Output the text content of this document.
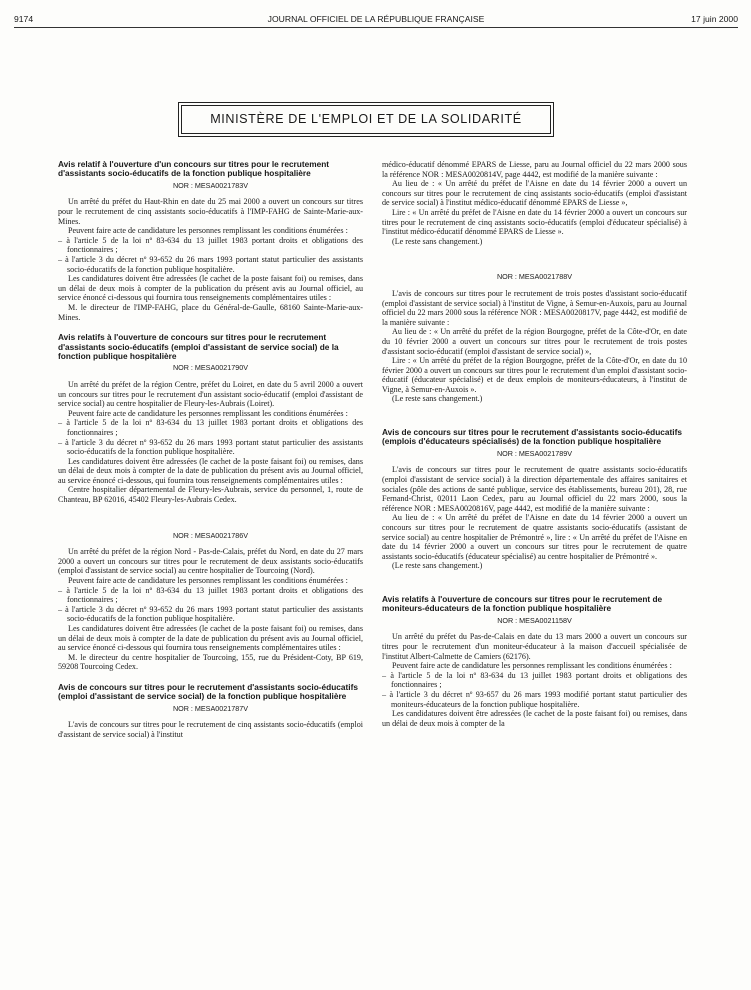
9174	JOURNAL OFFICIEL DE LA RÉPUBLIQUE FRANÇAISE	17 juin 2000
MINISTÈRE DE L'EMPLOI ET DE LA SOLIDARITÉ
Avis relatif à l'ouverture d'un concours sur titres pour le recrutement d'assistants socio-éducatifs de la fonction publique hospitalière
NOR : MESA0021783V

Un arrêté du préfet du Haut-Rhin en date du 25 mai 2000 a ouvert un concours sur titres pour le recrutement de cinq assistants socio-éducatifs à l'IMP-FAHG de Sainte-Marie-aux-Mines.

Peuvent faire acte de candidature les personnes remplissant les conditions énumérées :

– à l'article 5 de la loi nº 83-634 du 13 juillet 1983 portant droits et obligations des fonctionnaires ;
– à l'article 3 du décret nº 93-652 du 26 mars 1993 portant statut particulier des assistants socio-éducatifs de la fonction publique hospitalière.

Les candidatures doivent être adressées (le cachet de la poste faisant foi) ou remises, dans un délai de deux mois à compter de la publication du présent avis au Journal officiel, au service énoncé ci-dessous qui fournira tous renseignements complémentaires utiles :

M. le directeur de l'IMP-FAHG, place du Général-de-Gaulle, 68160 Sainte-Marie-aux-Mines.

Avis relatifs à l'ouverture de concours sur titres pour le recrutement d'assistants socio-éducatifs (emploi d'assistant de service social) de la fonction publique hospitalière
NOR : MESA0021790V

Un arrêté du préfet de la région Centre, préfet du Loiret, en date du 5 avril 2000 a ouvert un concours sur titres pour le recrutement d'un assistant socio-éducatif (emploi d'assistant de service social) au centre hospitalier de Fleury-les-Aubrais (Loiret).

Peuvent faire acte de candidature les personnes remplissant les conditions énumérées :

– à l'article 5 de la loi nº 83-634 du 13 juillet 1983 portant droits et obligations des fonctionnaires ;
– à l'article 3 du décret nº 93-652 du 26 mars 1993 portant statut particulier des assistants socio-éducatifs de la fonction publique hospitalière.

Les candidatures doivent être adressées (le cachet de la poste faisant foi) ou remises, dans un délai de deux mois à compter de la date de publication du présent avis au Journal officiel, au service énoncé ci-dessous, qui fournira tous renseignements complémentaires utiles :

Centre hospitalier départemental de Fleury-les-Aubrais, service du personnel, 1, route de Chanteau, BP 62016, 45402 Fleury-les-Aubrais Cedex.

NOR : MESA0021786V

Un arrêté du préfet de la région Nord - Pas-de-Calais, préfet du Nord, en date du 27 mars 2000 a ouvert un concours sur titres pour le recrutement de deux assistants socio-éducatifs (emploi d'assistant de service social) au centre hospitalier de Tourcoing (Nord).

Peuvent faire acte de candidature les personnes remplissant les conditions énumérées :

– à l'article 5 de la loi nº 83-634 du 13 juillet 1983 portant droits et obligations des fonctionnaires ;
– à l'article 3 du décret nº 93-652 du 26 mars 1993 portant statut particulier des assistants socio-éducatifs de la fonction publique hospitalière.

Les candidatures doivent être adressées (le cachet de la poste faisant foi) ou remises, dans un délai de deux mois à compter de la date de publication du présent avis au Journal officiel, au service énoncé ci-dessous qui fournira tous renseignements complémentaires utiles :

M. le directeur du centre hospitalier de Tourcoing, 155, rue du Président-Coty, BP 619, 59208 Tourcoing Cedex.

Avis de concours sur titres pour le recrutement d'assistants socio-éducatifs (emploi d'assistant de service social) de la fonction publique hospitalière
NOR : MESA0021787V

L'avis de concours sur titres pour le recrutement de cinq assistants socio-éducatifs (emploi d'assistant de service social) à l'institut

médico-éducatif dénommé EPARS de Liesse, paru au Journal officiel du 22 mars 2000 sous la référence NOR : MESA0020814V, page 4442, est modifié de la manière suivante :

Au lieu de : « Un arrêté du préfet de l'Aisne en date du 14 février 2000 a ouvert un concours sur titres pour le recrutement de cinq assistants socio-éducatifs (emploi d'assistant de service social) à l'institut médico-éducatif dénommé EPARS de Liesse »,

Lire : « Un arrêté du préfet de l'Aisne en date du 14 février 2000 a ouvert un concours sur titres pour le recrutement de cinq assistants socio-éducatifs (emploi d'éducateur spécialisé) à l'institut médico-éducatif dénommé EPARS de Liesse ».

(Le reste sans changement.)

NOR : MESA0021788V

L'avis de concours sur titres pour le recrutement de trois postes d'assistant socio-éducatif (emploi d'assistant de service social) à l'institut de Vigne, à Semur-en-Auxois, paru au Journal officiel du 22 mars 2000 sous la référence NOR : MESA0020817V, page 4442, est modifié de la manière suivante :

Au lieu de : « Un arrêté du préfet de la région Bourgogne, préfet de la Côte-d'Or, en date du 10 février 2000 a ouvert un concours sur titres pour le recrutement de trois postes d'assistant socio-éducatif (emploi d'assistant de service social) »,

Lire : « Un arrêté du préfet de la région Bourgogne, préfet de la Côte-d'Or, en date du 10 février 2000 a ouvert un concours sur titres pour le recrutement d'un emploi d'assistant socio-éducatif (éducateur spécialisé) et de deux emplois de moniteurs-éducateurs, à l'institut de Vigne, à Semur-en-Auxois ».

(Le reste sans changement.)

Avis de concours sur titres pour le recrutement d'assistants socio-éducatifs (emplois d'éducateurs spécialisés) de la fonction publique hospitalière
NOR : MESA0021789V

L'avis de concours sur titres pour le recrutement de quatre assistants socio-éducatifs (emploi d'assistant de service social) à la direction départementale des affaires sanitaires et sociales (pôle des actions de santé publique, service des établissements, bureau 201), 28, rue Fernand-Christ, 02011 Laon Cedex, paru au Journal officiel du 22 mars 2000, sous la référence NOR : MESA0020816V, page 4442, est modifié de la manière suivante :

Au lieu de : « Un arrêté du préfet de l'Aisne en date du 14 février 2000 a ouvert un concours sur titres pour le recrutement de quatre assistants socio-éducatifs (assistant de service social) au centre hospitalier de Prémontré », lire : « Un arrêté du préfet de l'Aisne en date du 14 février 2000 a ouvert un concours sur titres pour le recrutement de quatre assistants socio-éducatifs (éducateur spécialisé) au centre hospitalier de Prémontré ».

(Le reste sans changement.)

Avis relatifs à l'ouverture de concours sur titres pour le recrutement de moniteurs-éducateurs de la fonction publique hospitalière
NOR : MESA0021158V

Un arrêté du préfet du Pas-de-Calais en date du 13 mars 2000 a ouvert un concours sur titres pour le recrutement d'un moniteur-éducateur à la maison d'accueil spécialisée de l'institut Albert-Calmette de Camiers (62176).

Peuvent faire acte de candidature les personnes remplissant les conditions énumérées :

– à l'article 5 de la loi nº 83-634 du 13 juillet 1983 portant droits et obligations des fonctionnaires ;
– à l'article 3 du décret nº 93-657 du 26 mars 1993 modifié portant statut particulier des moniteurs-éducateurs de la fonction publique hospitalière.

Les candidatures doivent être adressées (le cachet de la poste faisant foi) ou remises, dans un délai de deux mois à compter de la
